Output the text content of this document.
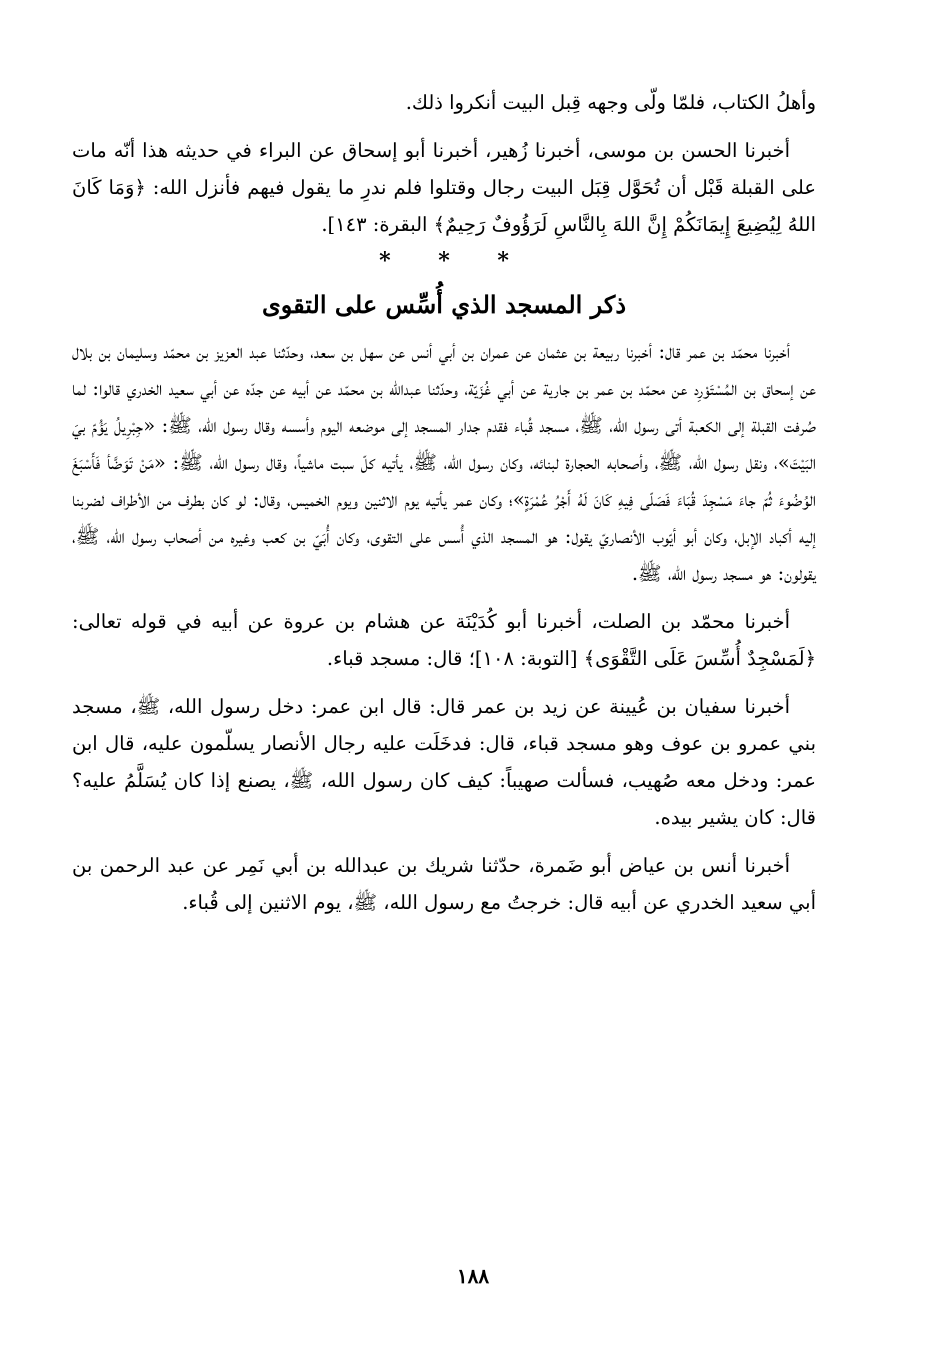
وأهلُ الكتاب، فلمّا ولّى وجهه قِبل البيت أنكروا ذلك.

أخبرنا الحسن بن موسى، أخبرنا زُهير، أخبرنا أبو إسحاق عن البراء في حديثه هذا أنّه مات على القبلة قَبْل أن تُحَوَّل قِبَل البيت رجال وقتلوا فلم ندرِ ما يقول فيهم فأنزل الله: ﴿وَمَا كَانَ اللهُ لِيُضِيعَ إِيمَانَكُمْ إِنَّ اللهَ بِالنَّاسِ لَرَؤُوفٌ رَحِيمٌ﴾ البقرة: ١٤٣].

* * *
ذكر المسجد الذي أُسِّس على التقوى

أخبرنا محمّد بن عمر قال: أخبرنا ربيعة بن عثمان عن عمران بن أبي أنس عن سهل بن سعد، وحدّثنا عبد العزيز بن محمّد وسليمان بن بلال عن إسحاق بن المُسْتَوْرِد عن محمّد بن عمر بن جارية عن أبي غُزَيّة، وحدّثنا عبدالله بن محمّد عن أبيه عن جدّه عن أبي سعيد الخدري قالوا: لما صُرفت القبلة إلى الكعبة أتى رسول الله، ﷺ، مسجد قُباء فقدم جدار المسجد إلى موضعه اليوم وأسسه وقال رسول الله، ﷺ: «جِبْرِيلُ يَؤُمّ بيَ البَيْتَ»، ونقل رسول الله، ﷺ، وأصحابه الحجارة لبنائه، وكان رسول الله، ﷺ، يأتيه كلّ سبت ماشياً، وقال رسول الله، ﷺ: «مَنْ تَوَضَّأ فَأَسْبَغَ الوُضُوءَ ثُمّ جاءَ مَسْجِدَ قُبَاءَ فَصَلّى فِيهِ كَانَ لَهُ أَجْرُ عُمْرَةٍ»؛ وكان عمر يأتيه يوم الاثنين ويوم الخميس، وقال: لو كان بطرف من الأطراف لضربنا إليه أكباد الإبل، وكان أبو أيّوب الأنصاريّ يقول: هو المسجد الذي أُسس على التقوى، وكان أُبَيّ بن كعب وغيره من أصحاب رسول الله، ﷺ، يقولون: هو مسجد رسول الله، ﷺ.

أخبرنا محمّد بن الصلت، أخبرنا أبو كُدَيْنَة عن هشام بن عروة عن أبيه في قوله تعالى: ﴿لَمَسْجِدٌ أُسِّسَ عَلَى التَّقْوَى﴾ [التوبة: ١٠٨]؛ قال: مسجد قباء.

أخبرنا سفيان بن عُيينة عن زيد بن عمر قال: قال ابن عمر: دخل رسول الله، ﷺ، مسجد بني عمرو بن عوف وهو مسجد قباء، قال: فدخَلَت عليه رجال الأنصار يسلّمون عليه، قال ابن عمر: ودخل معه صُهيب، فسألت صهيباً: كيف كان رسول الله، ﷺ، يصنع إذا كان يُسَلَّمُ عليه؟ قال: كان يشير بيده.

أخبرنا أنس بن عياض أبو ضَمرة، حدّثنا شريك بن عبدالله بن أبي نَمِر عن عبد الرحمن بن أبي سعيد الخدري عن أبيه قال: خرجتُ مع رسول الله، ﷺ، يوم الاثنين إلى قُباء.

١٨٨
